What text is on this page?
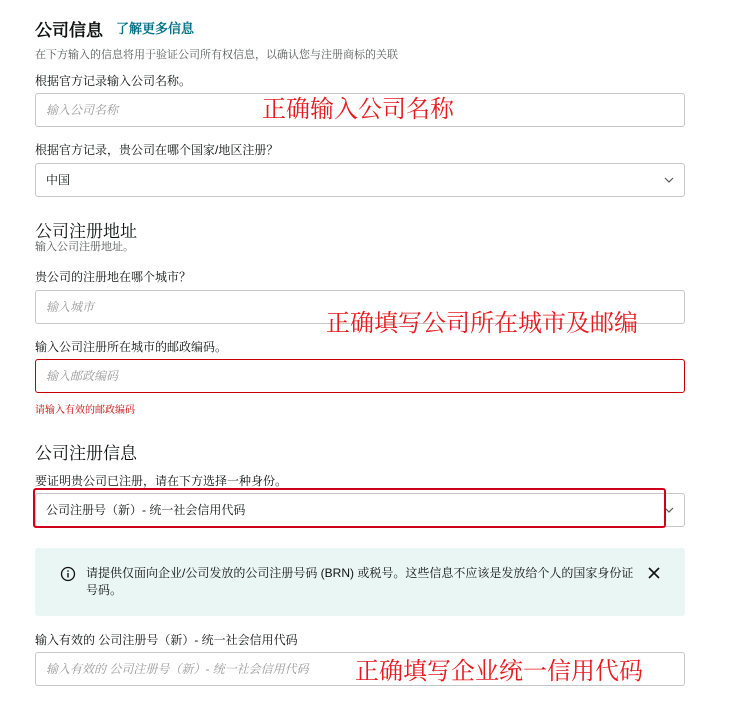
公司信息 了解更多信息
在下方输入的信息将用于验证公司所有权信息，以确认您与注册商标的关联
根据官方记录输入公司名称。
输入公司名称
根据官方记录，贵公司在哪个国家/地区注册？
中国
公司注册地址
输入公司注册地址。
贵公司的注册地在哪个城市？
输入城市
输入公司注册所在城市的邮政编码。
输入邮政编码
请输入有效的邮政编码
公司注册信息
要证明贵公司已注册，请在下方选择一种身份。
公司注册号（新）- 统一社会信用代码
请提供仅面向企业/公司发放的公司注册号码 (BRN) 或税号。这些信息不应该是发放给个人的国家身份证号码。
输入有效的 公司注册号（新）- 统一社会信用代码
输入有效的 公司注册号（新）- 统一社会信用代码
正确输入公司名称
正确填写公司所在城市及邮编
正确填写企业统一信用代码
